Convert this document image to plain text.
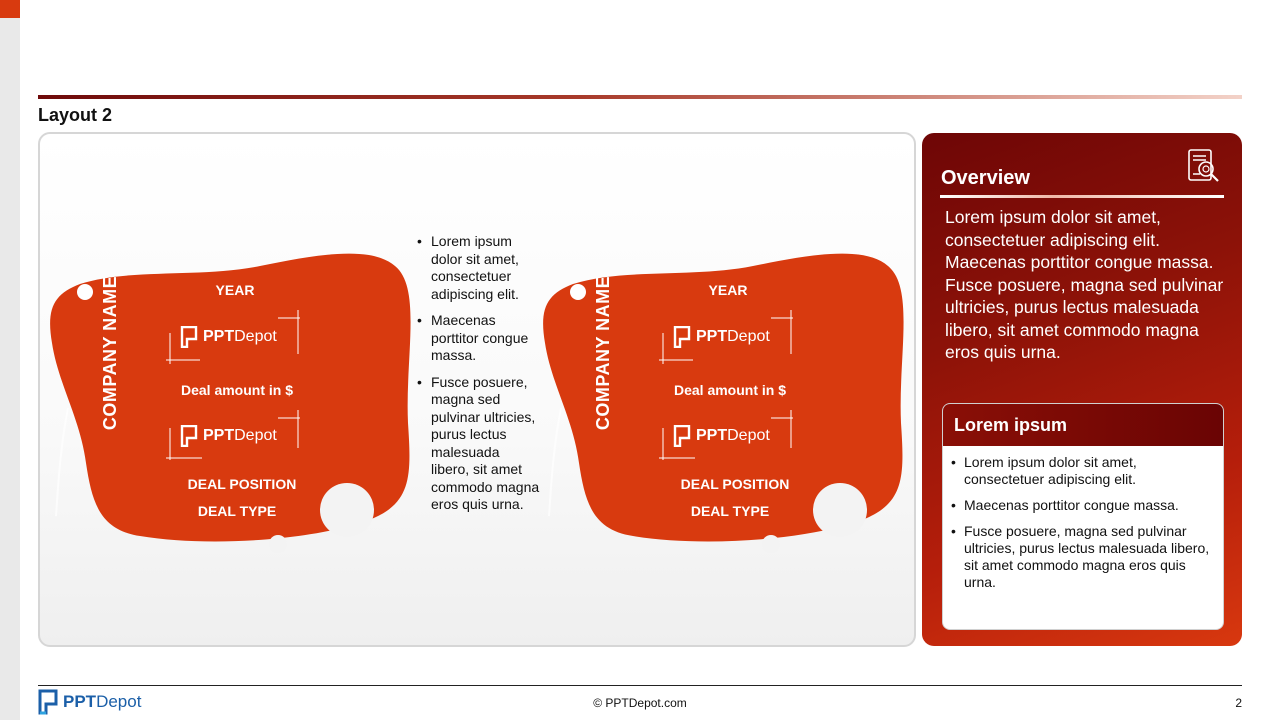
Layout 2
COMPANY NAME	YEAR
PPT Depot
Deal amount in $
PPT Depot
DEAL POSITION
DEAL TYPE
• Lorem ipsum dolor sit amet, consectetuer adipiscing elit.
• Maecenas porttitor congue massa.
• Fusce posuere, magna sed pulvinar ultricies, purus lectus malesuada libero, sit amet commodo magna eros quis urna.
COMPANY NAME	YEAR
PPT Depot
Deal amount in $
PPT Depot
DEAL POSITION
DEAL TYPE
Overview
Lorem ipsum dolor sit amet, consectetuer adipiscing elit. Maecenas porttitor congue massa. Fusce posuere, magna sed pulvinar ultricies, purus lectus malesuada libero, sit amet commodo magna eros quis urna.
Lorem ipsum
• Lorem ipsum dolor sit amet, consectetuer adipiscing elit.
• Maecenas porttitor congue massa.
• Fusce posuere, magna sed pulvinar ultricies, purus lectus malesuada libero, sit amet commodo magna eros quis urna.
PPT Depot	© PPTDepot.com	2
